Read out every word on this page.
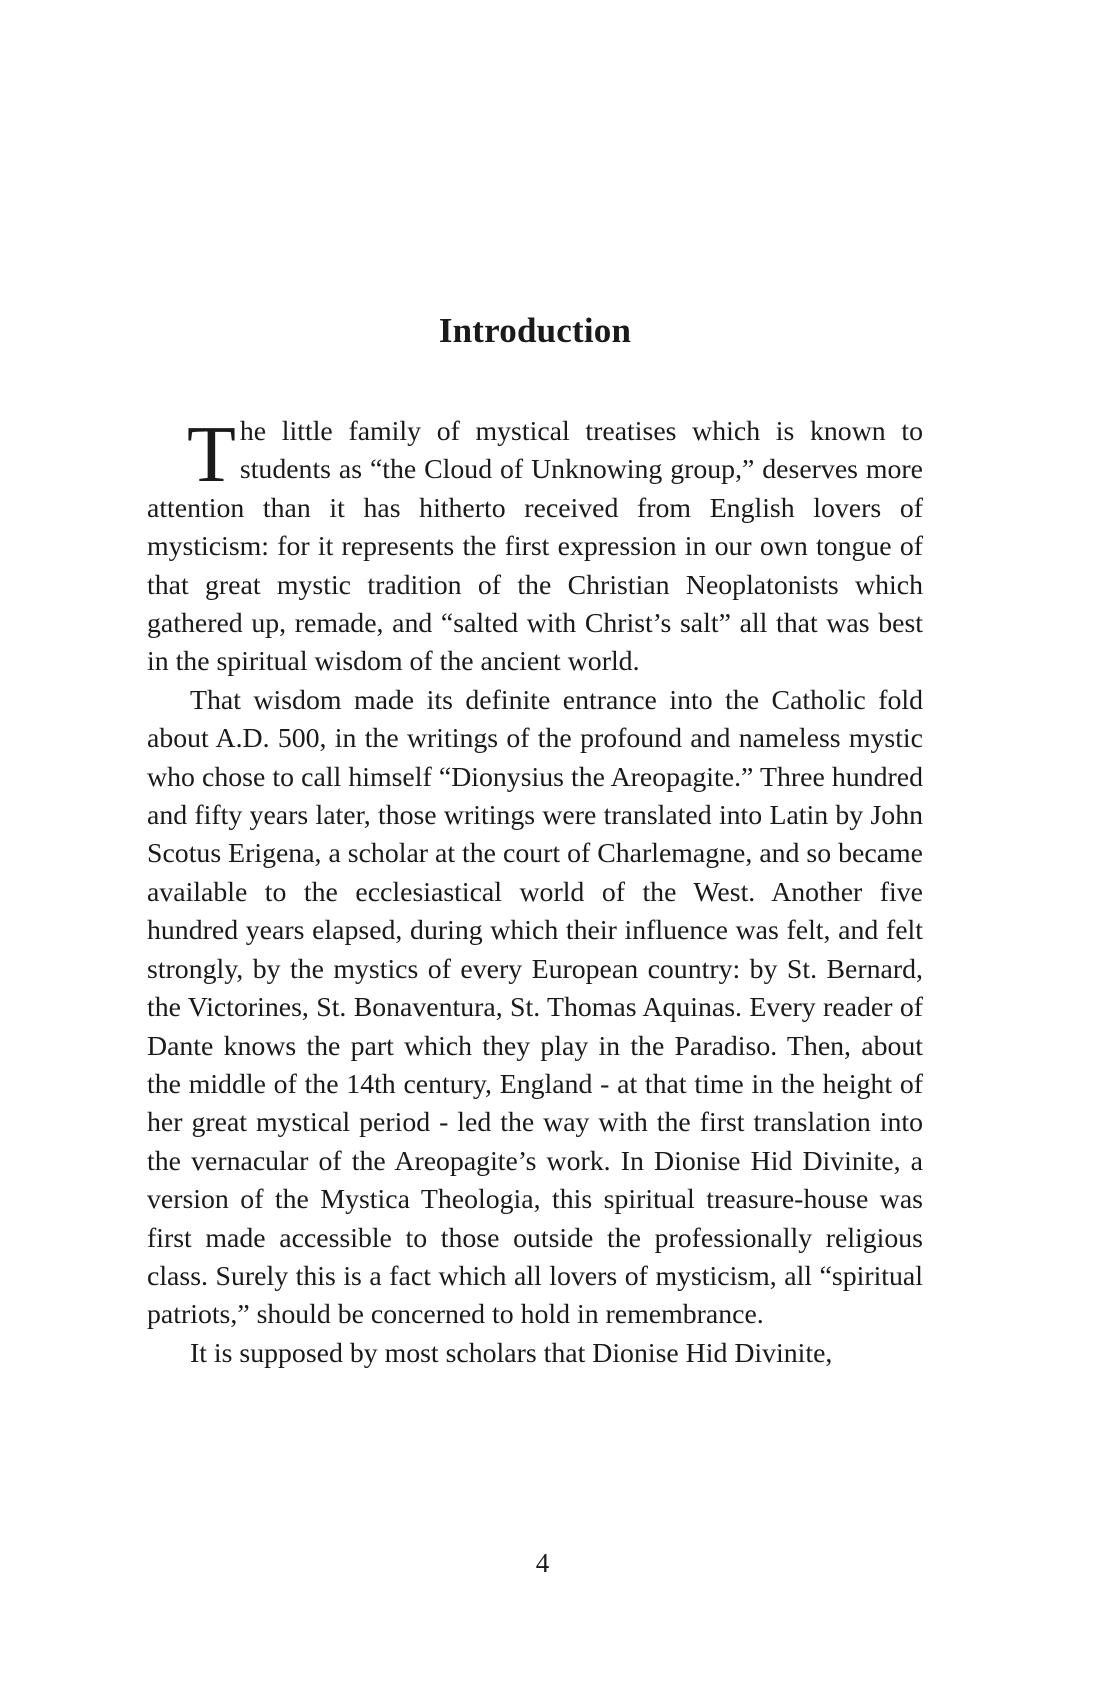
Introduction

The little family of mystical treatises which is known to students as “the Cloud of Unknowing group,” deserves more attention than it has hitherto received from English lovers of mysticism: for it represents the first expression in our own tongue of that great mystic tradition of the Christian Neoplatonists which gathered up, remade, and “salted with Christ’s salt” all that was best in the spiritual wisdom of the ancient world.

That wisdom made its definite entrance into the Catholic fold about A.D. 500, in the writings of the profound and nameless mystic who chose to call himself “Dionysius the Areopagite.” Three hundred and fifty years later, those writings were translated into Latin by John Scotus Erigena, a scholar at the court of Charlemagne, and so became available to the ecclesiastical world of the West. Another five hundred years elapsed, during which their influence was felt, and felt strongly, by the mystics of every European country: by St. Bernard, the Victorines, St. Bonaventura, St. Thomas Aquinas. Every reader of Dante knows the part which they play in the Paradiso. Then, about the middle of the 14th century, England - at that time in the height of her great mystical period - led the way with the first translation into the vernacular of the Areopagite’s work. In Dionise Hid Divinite, a version of the Mystica Theologia, this spiritual treasure-house was first made accessible to those outside the professionally religious class. Surely this is a fact which all lovers of mysticism, all “spiritual patriots,” should be concerned to hold in remembrance.

It is supposed by most scholars that Dionise Hid Divinite,

4
